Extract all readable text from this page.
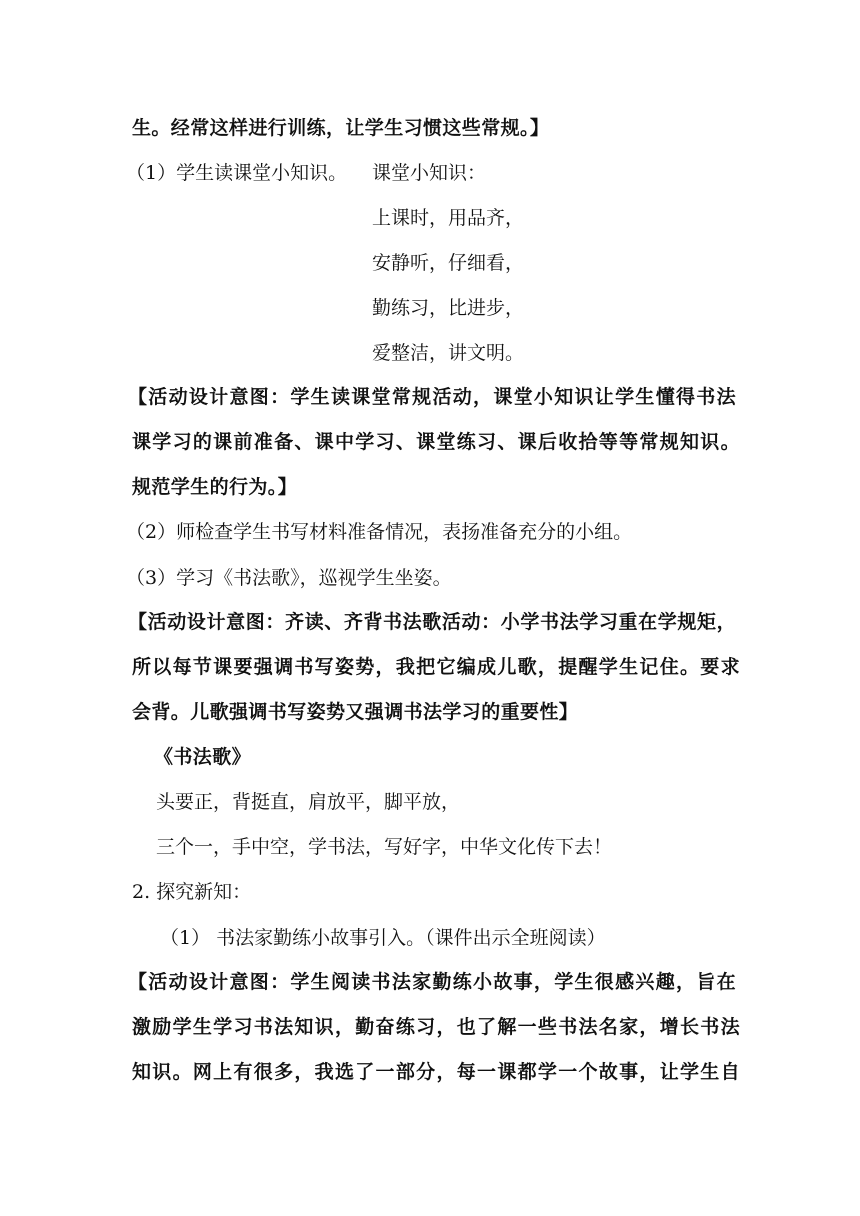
生。经常这样进行训练，让学生习惯这些常规。】
（1）学生读课堂小知识。 课堂小知识：
上课时，用品齐，
安静听，仔细看，
勤练习，比进步，
爱整洁，讲文明。
【活动设计意图：学生读课堂常规活动，课堂小知识让学生懂得书法
课学习的课前准备、课中学习、课堂练习、课后收拾等等常规知识。
规范学生的行为。】
（2）师检查学生书写材料准备情况，表扬准备充分的小组。
（3）学习《书法歌》，巡视学生坐姿。
【活动设计意图：齐读、齐背书法歌活动：小学书法学习重在学规矩，
所以每节课要强调书写姿势，我把它编成儿歌，提醒学生记住。要求
会背。儿歌强调书写姿势又强调书法学习的重要性】
《书法歌》
头要正，背挺直，肩放平，脚平放，
三个一，手中空，学书法，写好字，中华文化传下去！
2. 探究新知：
（1） 书法家勤练小故事引入。（课件出示全班阅读）
【活动设计意图：学生阅读书法家勤练小故事，学生很感兴趣，旨在
激励学生学习书法知识，勤奋练习，也了解一些书法名家，增长书法
知识。网上有很多，我选了一部分，每一课都学一个故事，让学生自
